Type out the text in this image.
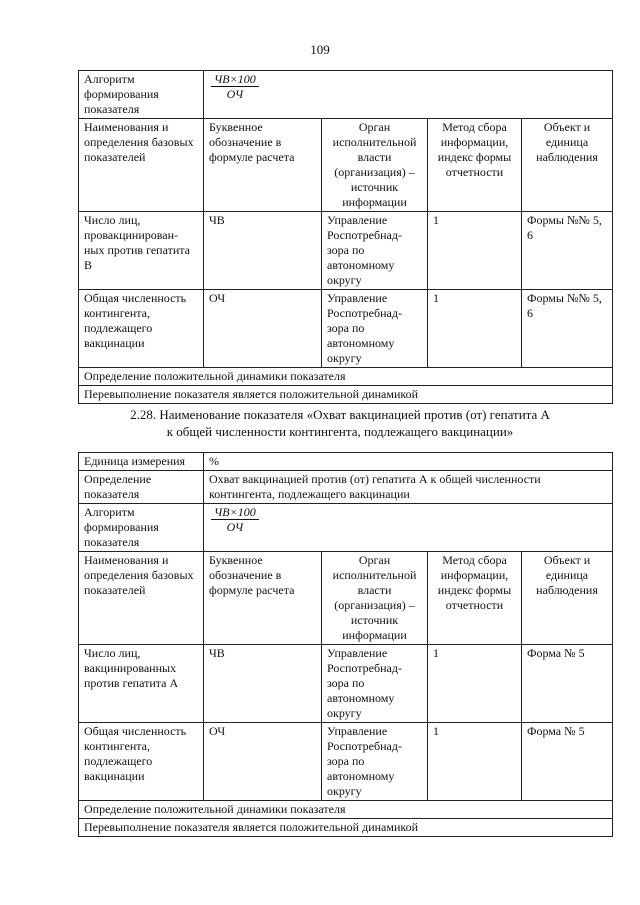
109
Алгоритм формирования показателя	$\frac{ЧВ\times 100}{ОЧ}$

Наименования и определения базовых показателей	Буквенное обозначение в формуле расчета	Орган исполнительной власти (организация) – источник информации	Метод сбора информации, индекс формы отчетности	Объект и единица наблюдения
Число лиц, провакцинирован-ных против гепатита В	ЧВ	Управление Роспотребнад-зора по автономному округу	1	Формы №№ 5, 6
Общая численность контингента, подлежащего вакцинации	ОЧ	Управление Роспотребнад-зора по автономному округу	1	Формы №№ 5, 6
Определение положительной динамики показателя				
Перевыполнение показателя является положительной динамикой				
2.28. Наименование показателя «Охват вакцинацией против (от) гепатита А
к общей численности контингента, подлежащего вакцинации»
Единица измерения	%			
Определение показателя	Охват вакцинацией против (от) гепатита А к общей численности контингента, подлежащего вакцинации			
Алгоритм формирования показателя	$\frac{ЧВ\times 100}{ОЧ}$

Наименования и определения базовых показателей	Буквенное обозначение в формуле расчета	Орган исполнительной власти (организация) – источник информации	Метод сбора информации, индекс формы отчетности	Объект и единица наблюдения
Число лиц, вакцинированных против гепатита А	ЧВ	Управление Роспотребнад-зора по автономному округу	1	Форма № 5
Общая численность контингента, подлежащего вакцинации	ОЧ	Управление Роспотребнад-зора по автономному округу	1	Форма № 5
Определение положительной динамики показателя				
Перевыполнение показателя является положительной динамикой				
